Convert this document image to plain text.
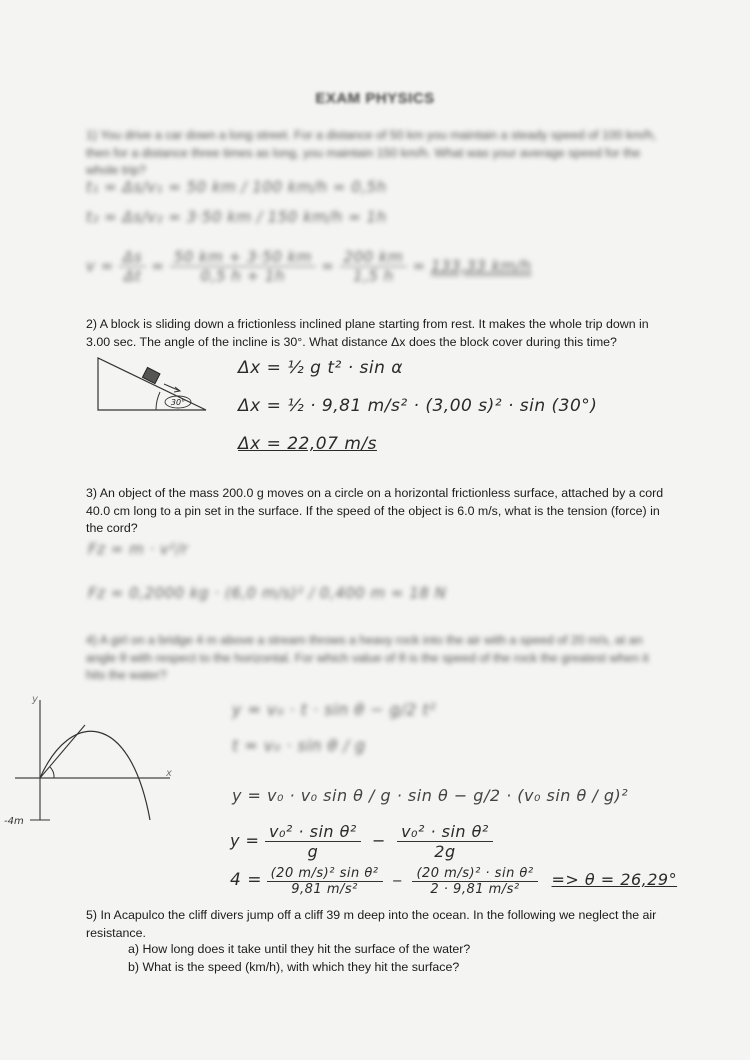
EXAM PHYSICS
1) You drive a car down a long street. For a distance of 50 km you maintain a steady speed of 100 km/h, then for a distance three times as long, you maintain 150 km/h. What was your average speed for the whole trip?
t₁ = Δs/v₁ = 50 km / 100 km/h = 0,5h
t₂ = Δs/v₂ = 3·50 km / 150 km/h = 1h
$v = \frac{\Delta s}{\Delta t} = \frac{50 km + 3\cdot 50 km}{0,5 h + 1h} = \frac{200 km}{1,5 h} = 133,33$ km/h
2) A block is sliding down a frictionless inclined plane starting from rest. It makes the whole trip down in 3.00 sec. The angle of the incline is 30°. What distance Δx does the block cover during this time?
30°
Δx = ½ g t² · sin α
Δx = ½ · 9,81 m/s² · (3,00 s)² · sin (30°)
Δx = 22,07 m/s
3) An object of the mass 200.0 g moves on a circle on a horizontal frictionless surface, attached by a cord 40.0 cm long to a pin set in the surface. If the speed of the object is 6.0 m/s, what is the tension (force) in the cord?
Fz = m · v²/r
Fz = 0,2000 kg · (6,0 m/s)² / 0,400 m = 18 N
4) A girl on a bridge 4 m above a stream throws a heavy rock into the air with a speed of 20 m/s, at an angle θ with respect to the horizontal. For which value of θ is the speed of the rock the greatest when it hits the water?
-4m
y
x
y = v₀ · t · sin θ − g/2 t²
t = v₀ · sin θ / g
y = v₀ · v₀ sin θ / g · sin θ − g/2 · (v₀ sin θ / g)²
$y = \frac{\text{v₀² · sin θ²}}{g} - \frac{\text{v₀² · sin θ²}}{2g}$
$4 = \frac{\text{(20 m/s)² sin θ²}}{\text{9,81 m/s²}} - \frac{\text{(20 m/s)² · sin θ²}}{\text{2 · 9,81 m/s²}} => \theta = 26,29^\circ$
5) In Acapulco the cliff divers jump off a cliff 39 m deep into the ocean. In the following we neglect the air resistance.
a) How long does it take until they hit the surface of the water?
b) What is the speed (km/h), with which they hit the surface?
